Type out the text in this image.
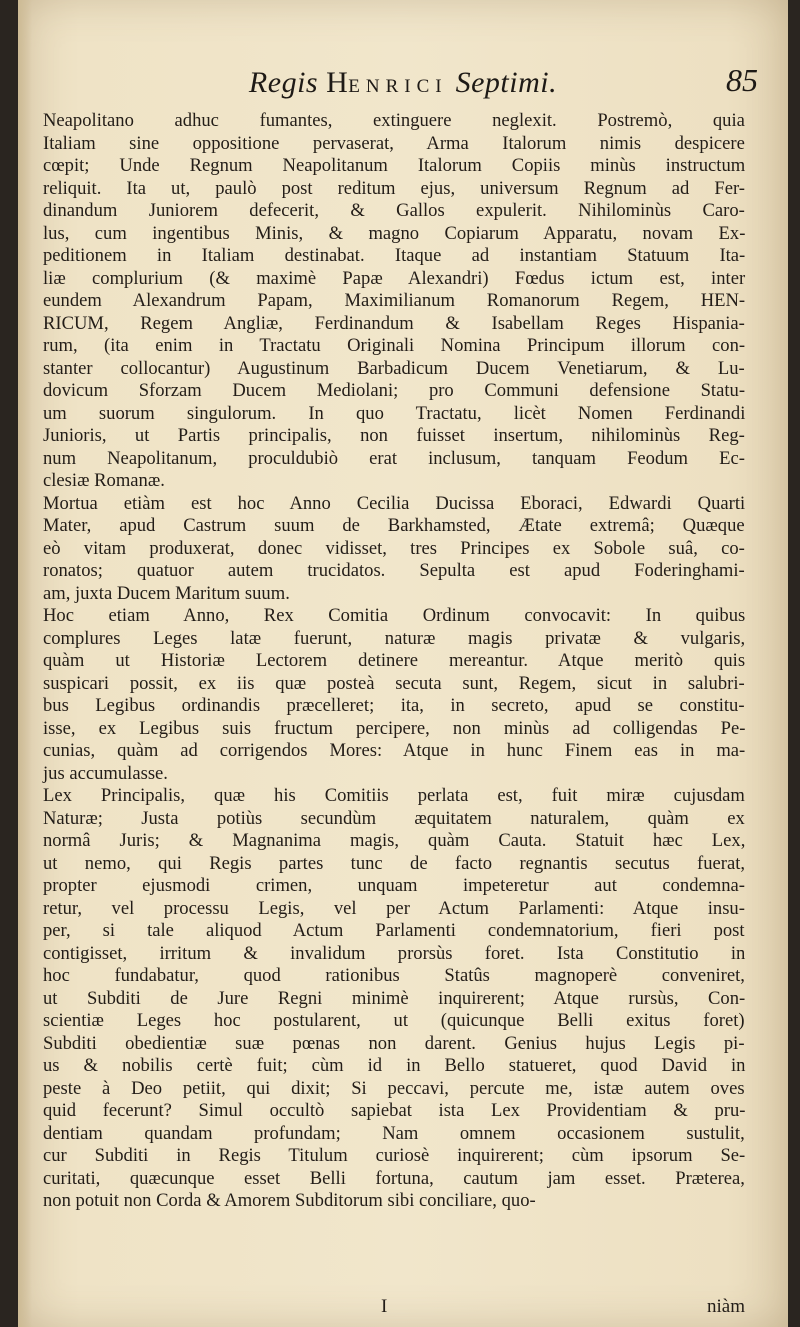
Regis HENRICI Septimi.	85
Neapolitano adhuc fumantes, extinguere neglexit. Postremò, quia
Italiam sine oppositione pervaserat, Arma Italorum nimis despicere
cœpit; Unde Regnum Neapolitanum Italorum Copiis minùs instructum
reliquit. Ita ut, paulò post reditum ejus, universum Regnum ad Fer-
dinandum Juniorem defecerit, & Gallos expulerit. Nihilominùs Caro-
lus, cum ingentibus Minis, & magno Copiarum Apparatu, novam Ex-
peditionem in Italiam destinabat. Itaque ad instantiam Statuum Ita-
liæ complurium (& maximè Papæ Alexandri) Fœdus ictum est, inter
eundem Alexandrum Papam, Maximilianum Romanorum Regem, HEN-
RICUM, Regem Angliæ, Ferdinandum & Isabellam Reges Hispania-
rum, (ita enim in Tractatu Originali Nomina Principum illorum con-
stanter collocantur) Augustinum Barbadicum Ducem Venetiarum, & Lu-
dovicum Sforzam Ducem Mediolani; pro Communi defensione Statu-
um suorum singulorum. In quo Tractatu, licèt Nomen Ferdinandi
Junioris, ut Partis principalis, non fuisset insertum, nihilominùs Reg-
num Neapolitanum, proculdubiò erat inclusum, tanquam Feodum Ec-
clesiæ Romanæ.
Mortua etiàm est hoc Anno Cecilia Ducissa Eboraci, Edwardi Quarti
Mater, apud Castrum suum de Barkhamsted, Ætate extremâ; Quæque
eò vitam produxerat, donec vidisset, tres Principes ex Sobole suâ, co-
ronatos; quatuor autem trucidatos. Sepulta est apud Foderinghami-
am, juxta Ducem Maritum suum.
Hoc etiam Anno, Rex Comitia Ordinum convocavit: In quibus
complures Leges latæ fuerunt, naturæ magis privatæ & vulgaris,
quàm ut Historiæ Lectorem detinere mereantur. Atque meritò quis
suspicari possit, ex iis quæ posteà secuta sunt, Regem, sicut in salubri-
bus Legibus ordinandis præcelleret; ita, in secreto, apud se constitu-
isse, ex Legibus suis fructum percipere, non minùs ad colligendas Pe-
cunias, quàm ad corrigendos Mores: Atque in hunc Finem eas in ma-
jus accumulasse.
Lex Principalis, quæ his Comitiis perlata est, fuit miræ cujusdam
Naturæ; Justa potiùs secundùm æquitatem naturalem, quàm ex
normâ Juris; & Magnanima magis, quàm Cauta. Statuit hæc Lex,
ut nemo, qui Regis partes tunc de facto regnantis secutus fuerat,
propter ejusmodi crimen, unquam impeteretur aut condemna-
retur, vel processu Legis, vel per Actum Parlamenti: Atque insu-
per, si tale aliquod Actum Parlamenti condemnatorium, fieri post
contigisset, irritum & invalidum prorsùs foret. Ista Constitutio in
hoc fundabatur, quod rationibus Statûs magnoperè conveniret,
ut Subditi de Jure Regni minimè inquirerent; Atque rursùs, Con-
scientiæ Leges hoc postularent, ut (quicunque Belli exitus foret)
Subditi obedientiæ suæ pœnas non darent. Genius hujus Legis pi-
us & nobilis certè fuit; cùm id in Bello statueret, quod David in
peste à Deo petiit, qui dixit; Si peccavi, percute me, istæ autem oves
quid fecerunt? Simul occultò sapiebat ista Lex Providentiam & pru-
dentiam quandam profundam; Nam omnem occasionem sustulit,
cur Subditi in Regis Titulum curiosè inquirerent; cùm ipsorum Se-
curitati, quæcunque esset Belli fortuna, cautum jam esset. Præterea,
non potuit non Corda & Amorem Subditorum sibi conciliare, quo-
I	niàm
